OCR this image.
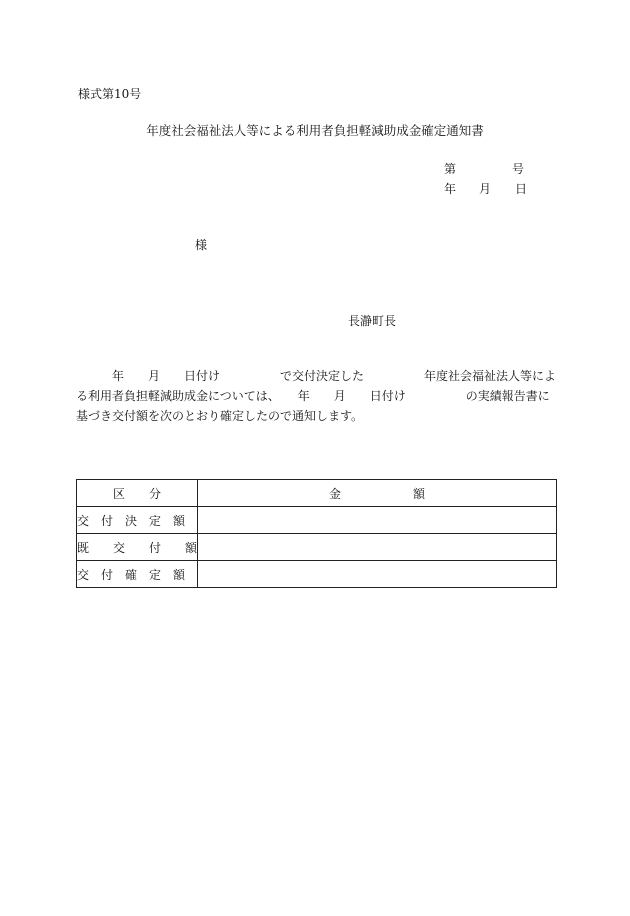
様式第10号
年度社会福祉法人等による利用者負担軽減助成金確定通知書
第	号
年 月 日
様
長瀞町長
　　　年　　月　　日付け　　　　　で交付決定した　　　　　年度社会福祉法人等によ
る利用者負担軽減助成金については、　　年　　月　　日付け　　　　　の実績報告書に
基づき交付額を次のとおり確定したので通知します。
区　　分	金　　　　　　額
交　付　決　定　額	
既　　交　　付　　額	
交　付　確　定　額	
